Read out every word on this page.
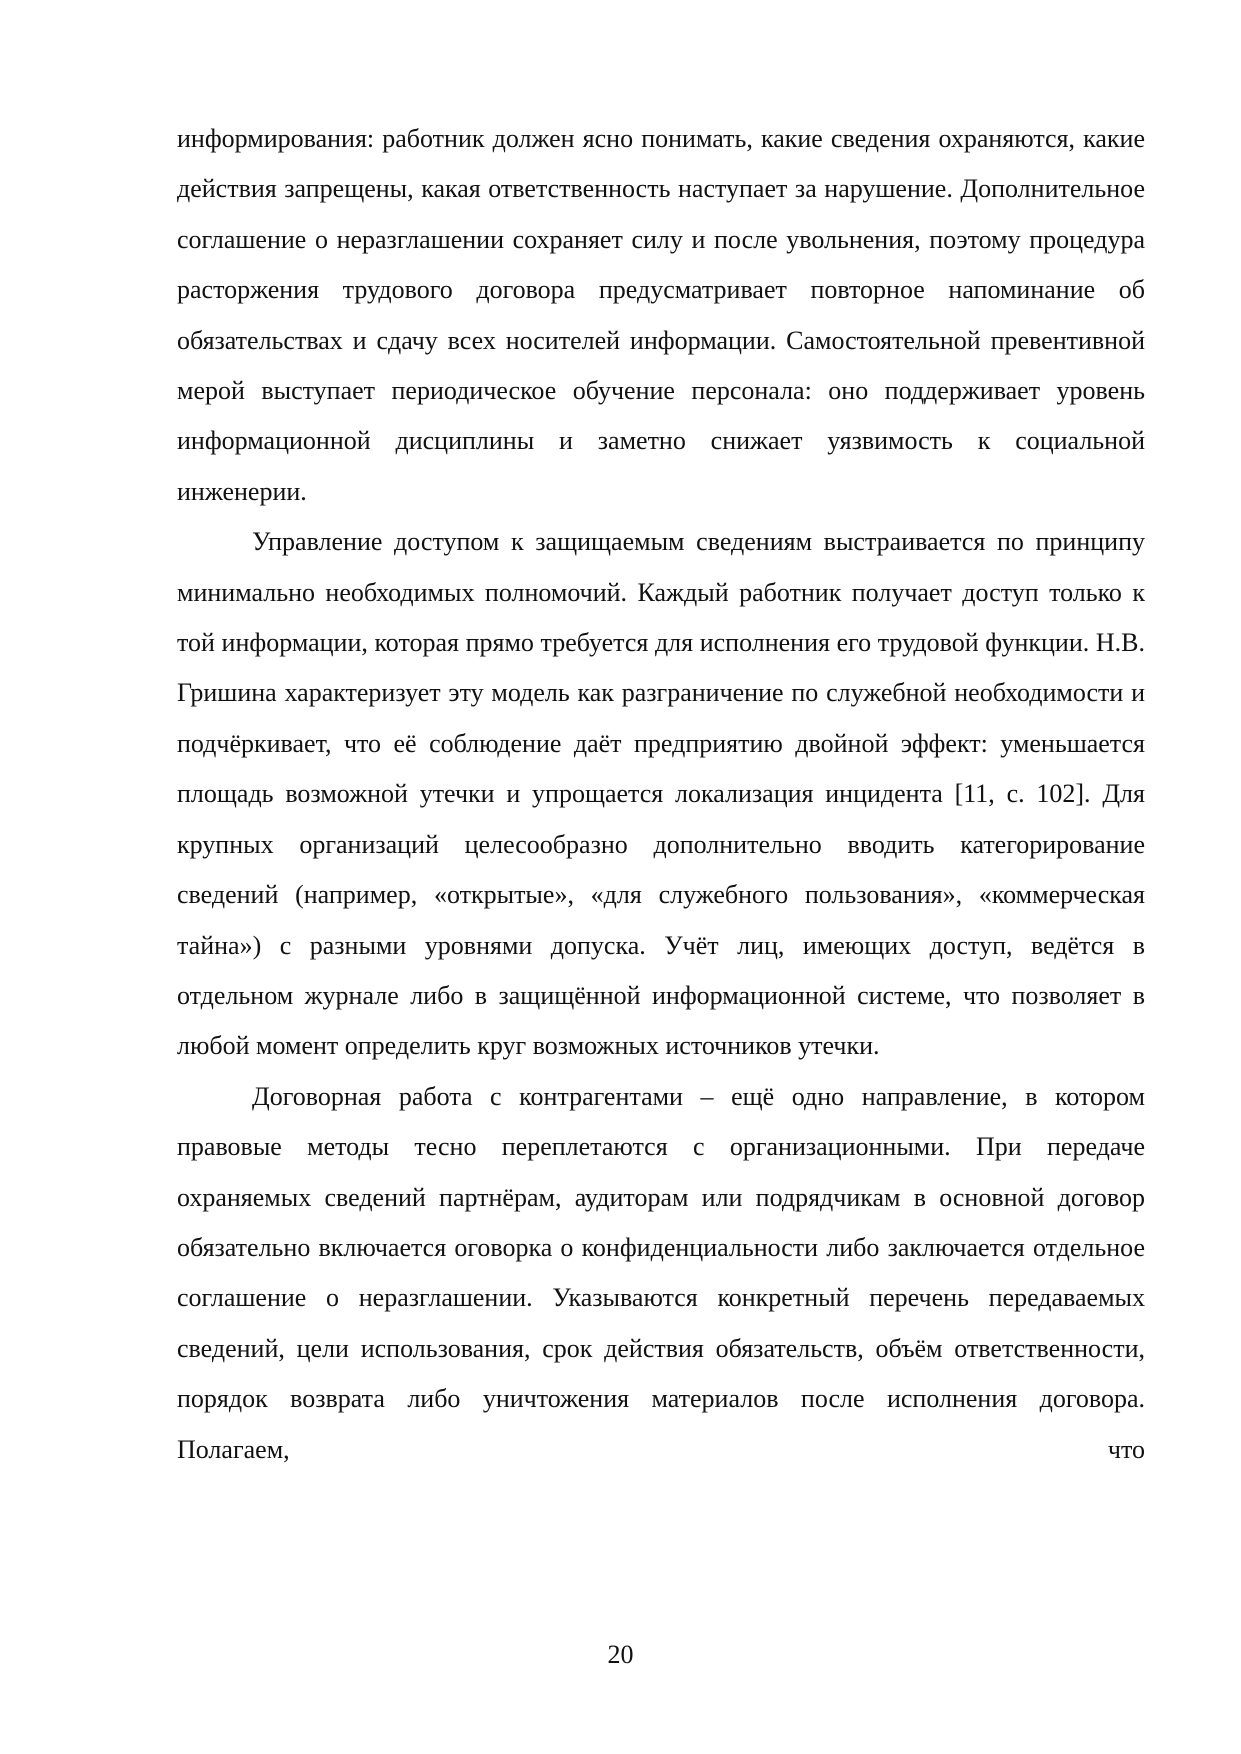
информирования: работник должен ясно понимать, какие сведения охраняются, какие действия запрещены, какая ответственность наступает за нарушение. Дополнительное соглашение о неразглашении сохраняет силу и после увольнения, поэтому процедура расторжения трудового договора предусматривает повторное напоминание об обязательствах и сдачу всех носителей информации. Самостоятельной превентивной мерой выступает периодическое обучение персонала: оно поддерживает уровень информационной дисциплины и заметно снижает уязвимость к социальной инженерии.

Управление доступом к защищаемым сведениям выстраивается по принципу минимально необходимых полномочий. Каждый работник получает доступ только к той информации, которая прямо требуется для исполнения его трудовой функции. Н.В. Гришина характеризует эту модель как разграничение по служебной необходимости и подчёркивает, что её соблюдение даёт предприятию двойной эффект: уменьшается площадь возможной утечки и упрощается локализация инцидента [11, с. 102]. Для крупных организаций целесообразно дополнительно вводить категорирование сведений (например, «открытые», «для служебного пользования», «коммерческая тайна») с разными уровнями допуска. Учёт лиц, имеющих доступ, ведётся в отдельном журнале либо в защищённой информационной системе, что позволяет в любой момент определить круг возможных источников утечки.

Договорная работа с контрагентами – ещё одно направление, в котором правовые методы тесно переплетаются с организационными. При передаче охраняемых сведений партнёрам, аудиторам или подрядчикам в основной договор обязательно включается оговорка о конфиденциальности либо заключается отдельное соглашение о неразглашении. Указываются конкретный перечень передаваемых сведений, цели использования, срок действия обязательств, объём ответственности, порядок возврата либо уничтожения материалов после исполнения договора. Полагаем, что

20
